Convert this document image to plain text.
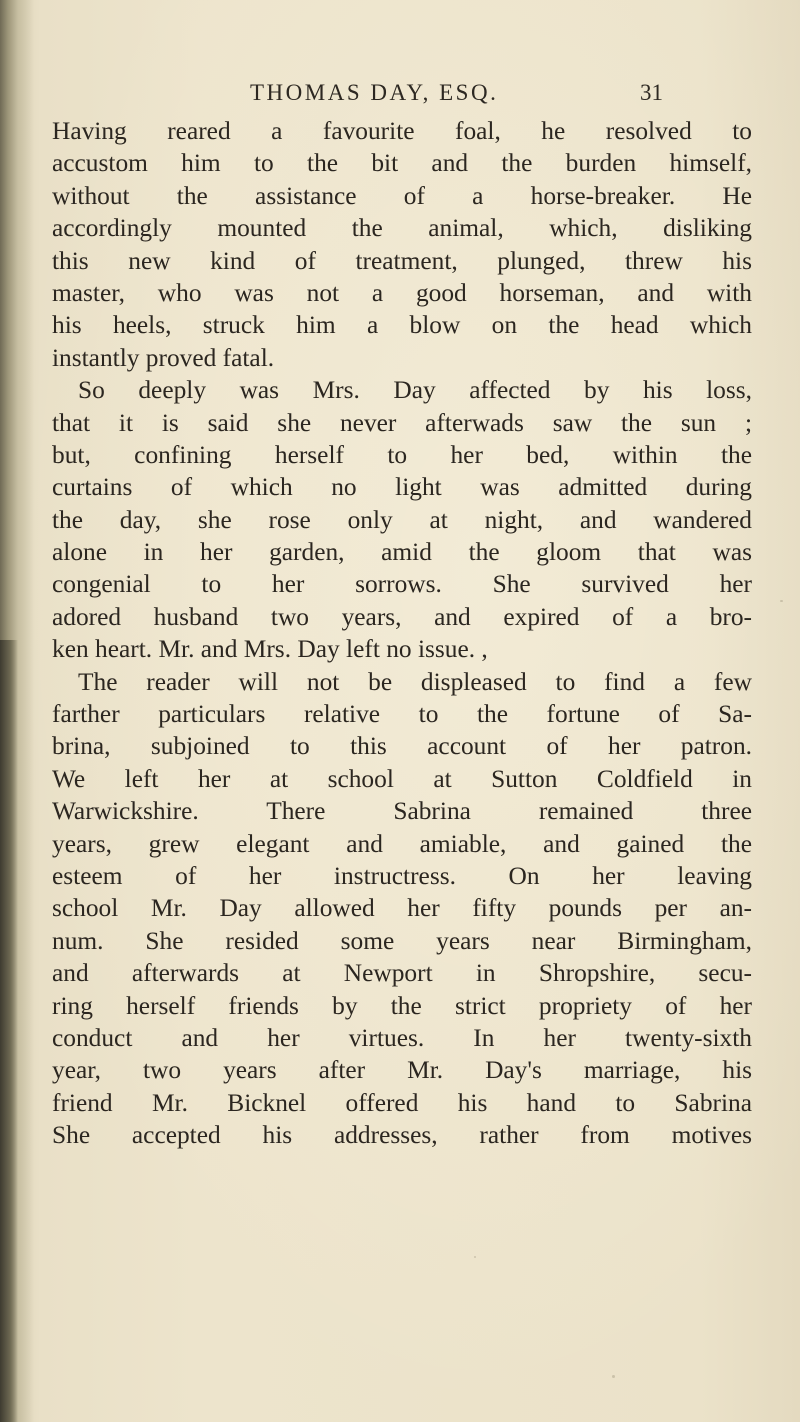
THOMAS DAY, ESQ.	31
Having reared a favourite foal, he resolved to
accustom him to the bit and the burden himself,
without the assistance of a horse-breaker. He
accordingly mounted the animal, which, disliking
this new kind of treatment, plunged, threw his
master, who was not a good horseman, and with
his heels, struck him a blow on the head which
instantly proved fatal.
So deeply was Mrs. Day affected by his loss,
that it is said she never afterwads saw the sun ;
but, confining herself to her bed, within the
curtains of which no light was admitted during
the day, she rose only at night, and wandered
alone in her garden, amid the gloom that was
congenial to her sorrows. She survived her
adored husband two years, and expired of a bro-
ken heart. Mr. and Mrs. Day left no issue. ,
The reader will not be displeased to find a few
farther particulars relative to the fortune of Sa-
brina, subjoined to this account of her patron.
We left her at school at Sutton Coldfield in
Warwickshire. There Sabrina remained three
years, grew elegant and amiable, and gained the
esteem of her instructress. On her leaving
school Mr. Day allowed her fifty pounds per an-
num. She resided some years near Birmingham,
and afterwards at Newport in Shropshire, secu-
ring herself friends by the strict propriety of her
conduct and her virtues. In her twenty-sixth
year, two years after Mr. Day's marriage, his
friend Mr. Bicknel offered his hand to Sabrina
She accepted his addresses, rather from motives
